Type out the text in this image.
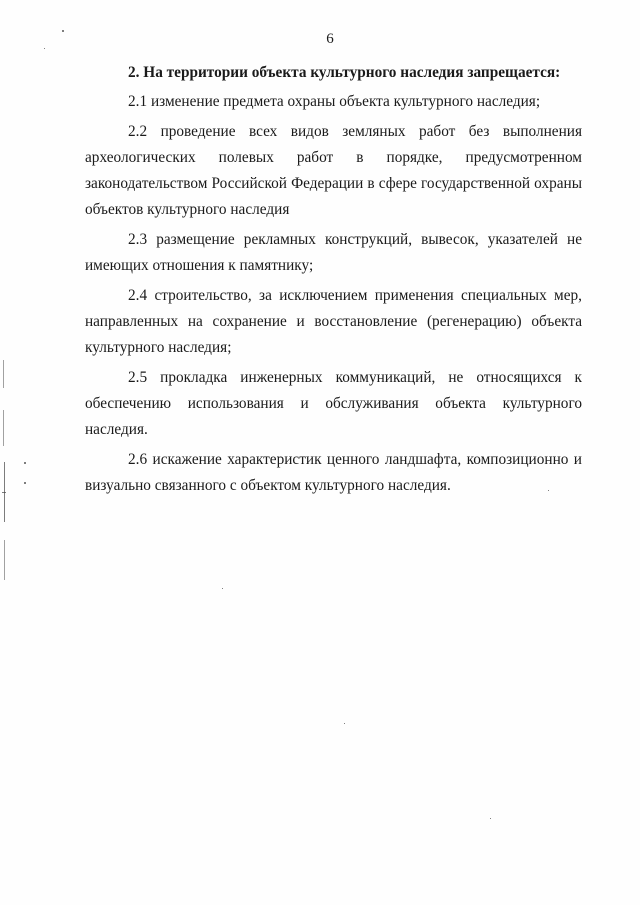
6

2. На территории объекта культурного наследия запрещается:

2.1 изменение предмета охраны объекта культурного наследия;

2.2 проведение всех видов земляных работ без выполнения
археологических полевых работ в порядке, предусмотренном
законодательством Российской Федерации в сфере государственной охраны
объектов культурного наследия

2.3 размещение рекламных конструкций, вывесок, указателей не
имеющих отношения к памятнику;

2.4 строительство, за исключением применения специальных мер,
направленных на сохранение и восстановление (регенерацию) объекта
культурного наследия;

2.5 прокладка инженерных коммуникаций, не относящихся к
обеспечению использования и обслуживания объекта культурного наследия.

2.6 искажение характеристик ценного ландшафта, композиционно и
визуально связанного с объектом культурного наследия.
